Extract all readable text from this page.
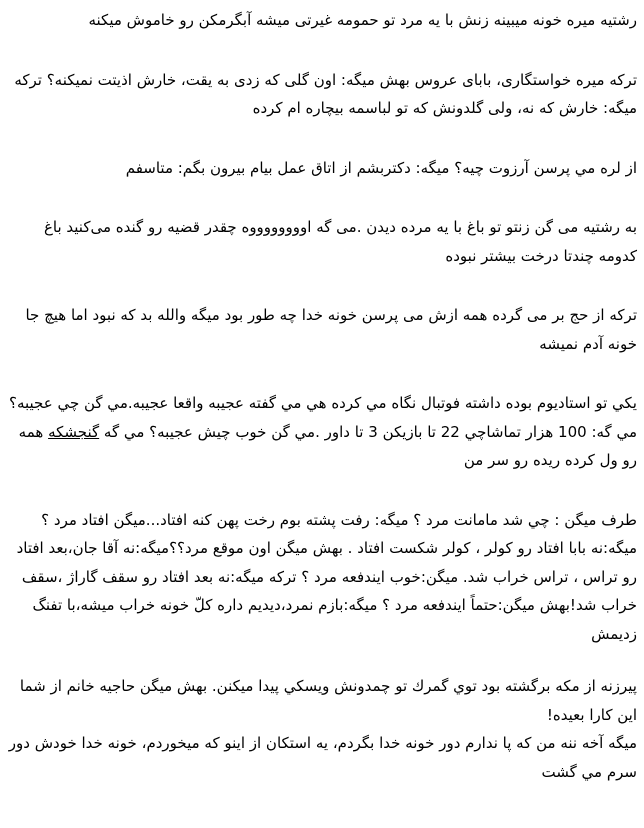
رشتیه میره خونه میبینه زنش با یه مرد تو حمومه غیرتی میشه آبگرمکن رو خاموش میکنه

ترکه میره خواستگاری، بابای عروس بهش میگه: اون گلی که زدی به یقت، خارش اذیتت نمیکنه؟ ترکه میگه: خارش که نه، ولی گلدونش که تو لباسمه بیچاره ام کرده

از لره مي پرسن آرزوت چیه؟ میگه: دکتربشم از اتاق عمل بیام بیرون بگم: متاسفم

به رشتیه می گن زنتو تو باغ با یه مرده دیدن .می گه اووووووووه چقدر قضیه رو گنده می‌کنید باغ کدومه چندتا درخت بیشتر نبوده

ترکه از حج بر می گرده همه ازش می پرسن خونه خدا چه طور بود میگه والله بد که نبود اما هیچ جا خونه آدم نمیشه

يکي تو استاديوم بوده داشته فوتبال نگاه مي کرده هي مي گفته عجيبه واقعا عجيبه.مي گن چي عجيبه؟ مي گه: 100 هزار تماشاچي 22 تا بازيکن 3 تا داور .مي گن خوب چيش عجيبه؟ مي گه گنجشکه همه رو ول کرده ريده رو سر من

طرف میگن : چي شد مامانت مرد ؟ میگه: رفت پشته بوم رخت پهن کنه افتاد...میگن افتاد مرد ؟ میگه:نه بابا افتاد رو کولر ، کولر شکست افتاد . بهش میگن اون موقع مرد؟؟میگه:نه آقا جان،بعد افتاد رو تراس ، تراس خراب شد. میگن:خوب ایندفعه مرد ؟ ترکه میگه:نه بعد افتاد رو سقف گاراژ ،سقف خراب شد!بهش میگن:حتماً ایندفعه مرد ؟ میگه:بازم نمرد،دیدیم داره کلّ خونه خراب میشه،با تفنگ زدیمش

پیرزنه از مکه برگشته بود توي گمرك تو چمدونش ویسکي پیدا میکنن. بهش میگن حاجیه خانم از شما این کارا بعیده!
میگه آخه ننه من که پا ندارم دور خونه خدا بگردم، یه استکان از اینو که میخوردم، خونه خدا خودش دور سرم مي گشت
